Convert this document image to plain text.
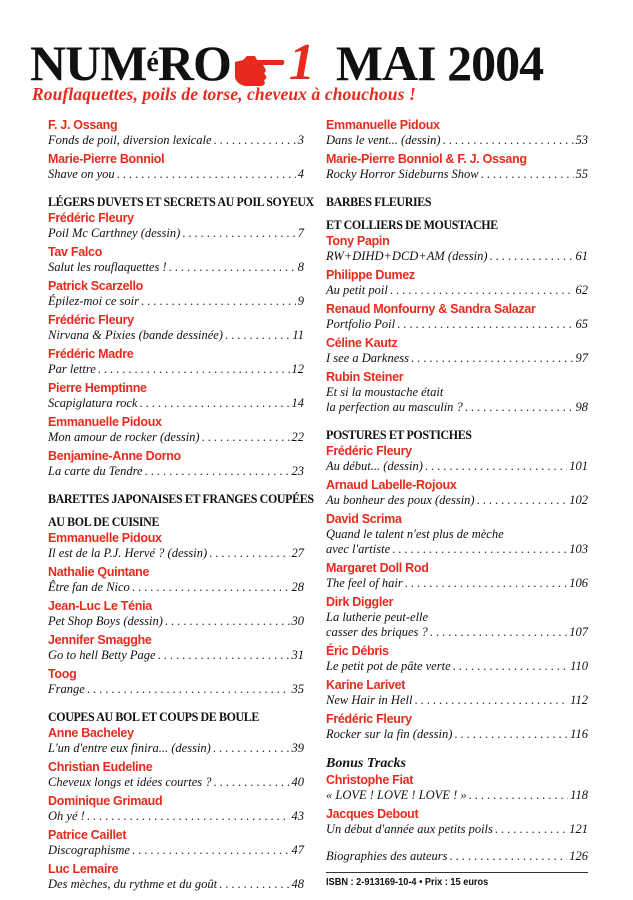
NUM é RO 1 MAI 2004
Rouflaquettes, poils de torse, cheveux à chouchous !
F. J. Ossang
Fonds de poil, diversion lexicale .....	3
Marie-Pierre Bonniol
Shave on you .....	4
LÉGERS DUVETS ET SECRETS AU POIL SOYEUX
Frédéric Fleury
Poil Mc Carthney (dessin) .....	7
Tav Falco
Salut les rouflaquettes ! .....	8
Patrick Scarzello
Épilez-moi ce soir .....	9
Frédéric Fleury
Nirvana & Pixies (bande dessinée) .....	11
Frédéric Madre
Par lettre .....	12
Pierre Hemptinne
Scapiglatura rock .....	14
Emmanuelle Pidoux
Mon amour de rocker (dessin) .....	22
Benjamine-Anne Dorno
La carte du Tendre .....	23
BARETTES JAPONAISES ET FRANGES COUPÉES
AU BOL DE CUISINE
Emmanuelle Pidoux
Il est de la P.J. Hervé ? (dessin) .....	27
Nathalie Quintane
Être fan de Nico .....	28
Jean-Luc Le Ténia
Pet Shop Boys (dessin) .....	30
Jennifer Smagghe
Go to hell Betty Page .....	31
Toog
Frange .....	35
COUPES AU BOL ET COUPS DE BOULE
Anne Bacheley
L'un d'entre eux finira... (dessin) .....	39
Christian Eudeline
Cheveux longs et idées courtes ? .....	40
Dominique Grimaud
Oh yé ! .....	43
Patrice Caillet
Discographisme .....	47
Luc Lemaire
Des mèches, du rythme et du goût .....	48
Emmanuelle Pidoux
Dans le vent... (dessin) .....	53
Marie-Pierre Bonniol & F. J. Ossang
Rocky Horror Sideburns Show .....	55
BARBES FLEURIES
ET COLLIERS DE MOUSTACHE
Tony Papin
RW+DIHD+DCD+AM (dessin) .....	61
Philippe Dumez
Au petit poil .....	62
Renaud Monfourny & Sandra Salazar
Portfolio Poil .....	65
Céline Kautz
I see a Darkness .....	97
Rubin Steiner
Et si la moustache était
la perfection au masculin ? .....	98
POSTURES ET POSTICHES
Frédéric Fleury
Au début... (dessin) .....	101
Arnaud Labelle-Rojoux
Au bonheur des poux (dessin) .....	102
David Scrima
Quand le talent n'est plus de mèche
avec l'artiste .....	103
Margaret Doll Rod
The feel of hair .....	106
Dirk Diggler
La lutherie peut-elle
casser des briques ? .....	107
Éric Débris
Le petit pot de pâte verte .....	110
Karine Larivet
New Hair in Hell .....	112
Frédéric Fleury
Rocker sur la fin (dessin) .....	116
Bonus Tracks
Christophe Fiat
« LOVE ! LOVE ! LOVE ! » .....	118
Jacques Debout
Un début d'année aux petits poils .....	121
Biographies des auteurs .....	126
ISBN : 2-913169-10-4 • Prix : 15 euros
